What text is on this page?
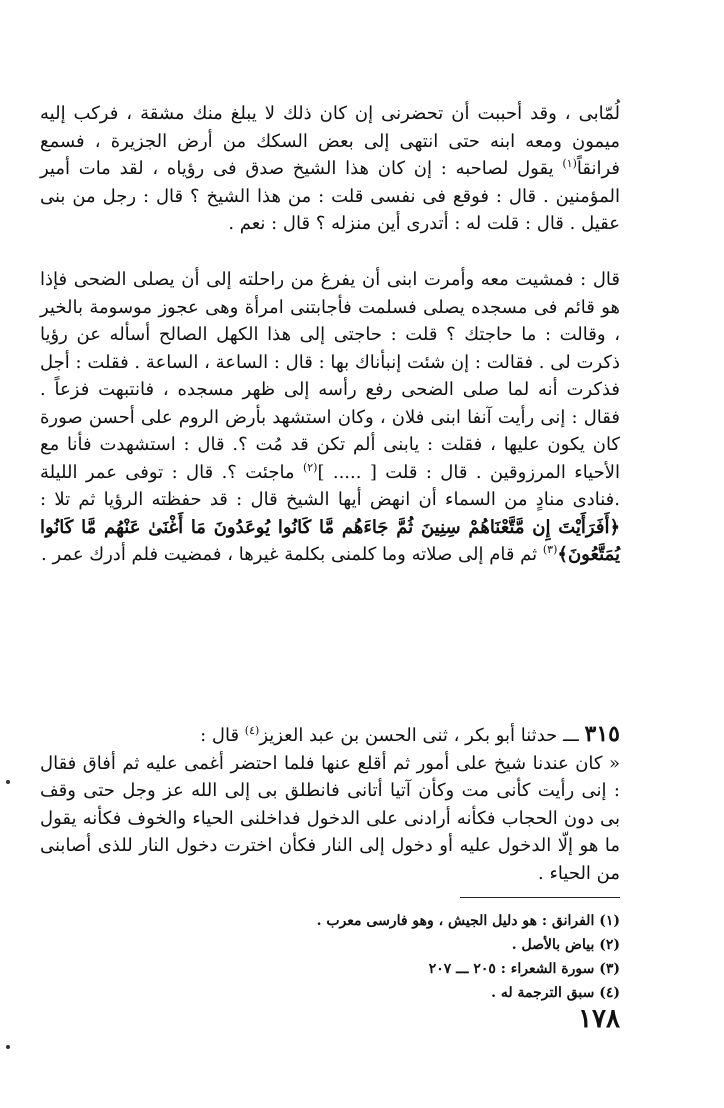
لُمّابى ، وقد أحببت أن تحضرنى إن كان ذلك لا يبلغ منك مشقة ، فركب إليه ميمون ومعه ابنه حتى انتهى إلى بعض السكك من أرض الجزيرة ، فسمع فرانقاً$^{(١)}$ يقول لصاحبه : إن كان هذا الشيخ صدق فى رؤياه ، لقد مات أمير المؤمنين . قال : فوقع فى نفسى قلت : من هذا الشيخ ؟ قال : رجل من بنى عقيل . قال : قلت له : أتدرى أين منزله ؟ قال : نعم .

قال : فمشيت معه وأمرت ابنى أن يفرغ من راحلته إلى أن يصلى الضحى فإذا هو قائم فى مسجده يصلى فسلمت فأجابتنى امرأة وهى عجوز موسومة بالخير ، وقالت : ما حاجتك ؟ قلت : حاجتى إلى هذا الكهل الصالح أسأله عن رؤيا ذكرت لى . فقالت : إن شئت إنبأناك بها : قال : الساعة ، الساعة . فقلت : أجل فذكرت أنه لما صلى الضحى رفع رأسه إلى ظهر مسجده ، فانتبهت فزعاً . فقال : إنى رأيت آنفا ابنى فلان ، وكان استشهد بأرض الروم على أحسن صورة كان يكون عليها ، فقلت : يابنى ألم تكن قد مُت ؟. قال : استشهدت فأنا مع الأحياء المرزوقين . قال : قلت [ ..... ]$^{(٢)}$ ماجئت ؟. قال : توفى عمر الليلة .فنادى منادٍ من السماء أن انهض أيها الشيخ قال : قد حفظته الرؤيا ثم تلا : ﴿أَفَرَأَيْتَ إِن مَّتَّعْنَاهُمْ سِنِينَ ثُمَّ جَاءَهُم مَّا كَانُوا يُوعَدُونَ مَا أَغْنَىٰ عَنْهُم مَّا كَانُوا يُمَتَّعُونَ﴾$^{(٣)}$ ثم قام إلى صلاته وما كلمنى بكلمة غيرها ، فمضيت فلم أدرك عمر .

٣١٥ ـــ حدثنا أبو بكر ، ثنى الحسن بن عبد العزيز$^{(٤)}$ قال :

« كان عندنا شيخ على أمور ثم أقلع عنها فلما احتضر أغمى عليه ثم أفاق فقال : إنى رأيت كأنى مت وكأن آتيا أتانى فانطلق بى إلى الله عز وجل حتى وقف بى دون الحجاب فكأنه أرادنى على الدخول فداخلنى الحياء والخوف فكأنه يقول ما هو إلّا الدخول عليه أو دخول إلى النار فكأن اخترت دخول النار للذى أصابنى من الحياء .

(١) الفرانق : هو دليل الجيش ، وهو فارسى معرب .
(٢) بياض بالأصل .
(٣) سورة الشعراء : ٢٠٥ ـــ ٢٠٧
(٤) سبق الترجمة له .
١٧٨
